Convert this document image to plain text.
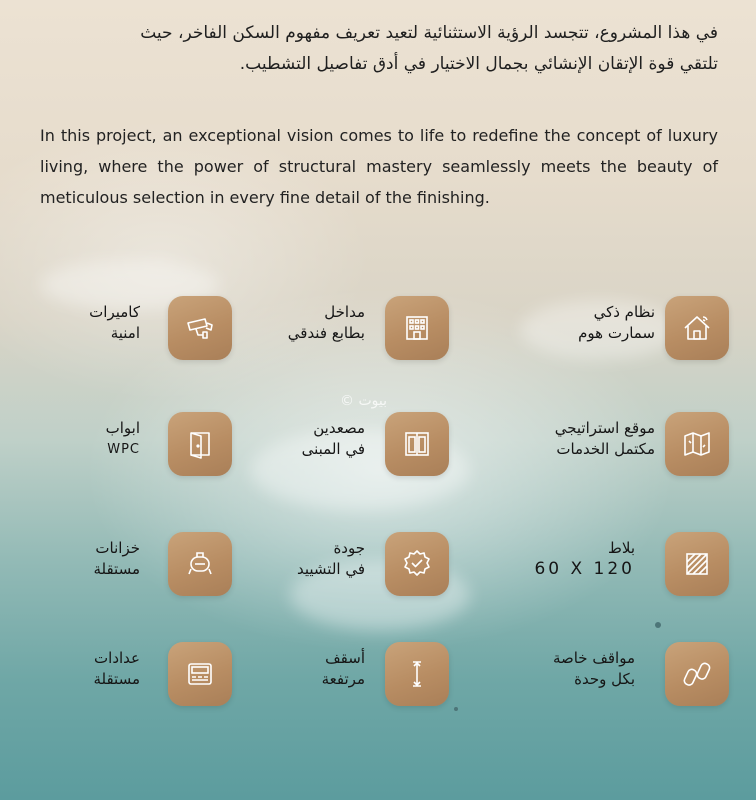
في هذا المشروع، تتجسد الرؤية الاستثنائية لتعيد تعريف مفهوم السكن الفاخر، حيث
تلتقي قوة الإتقان الإنشائي بجمال الاختيار في أدق تفاصيل التشطيب.
In this project, an exceptional vision comes to life to redefine the concept of luxury living, where the power of structural mastery seamlessly meets the beauty of meticulous selection in every fine detail of the finishing.
بيوت ©
نظام ذكي
سمارت هوم
مداخل
بطابع فندقي
كاميرات
امنية
موقع استراتيجي
مكتمل الخدمات
مصعدين
في المبنى
ابواب
WPC
بلاط
60 X 120
جودة
في التشييد
خزانات
مستقلة
مواقف خاصة
بكل وحدة
أسقف
مرتفعة
عدادات
مستقلة
